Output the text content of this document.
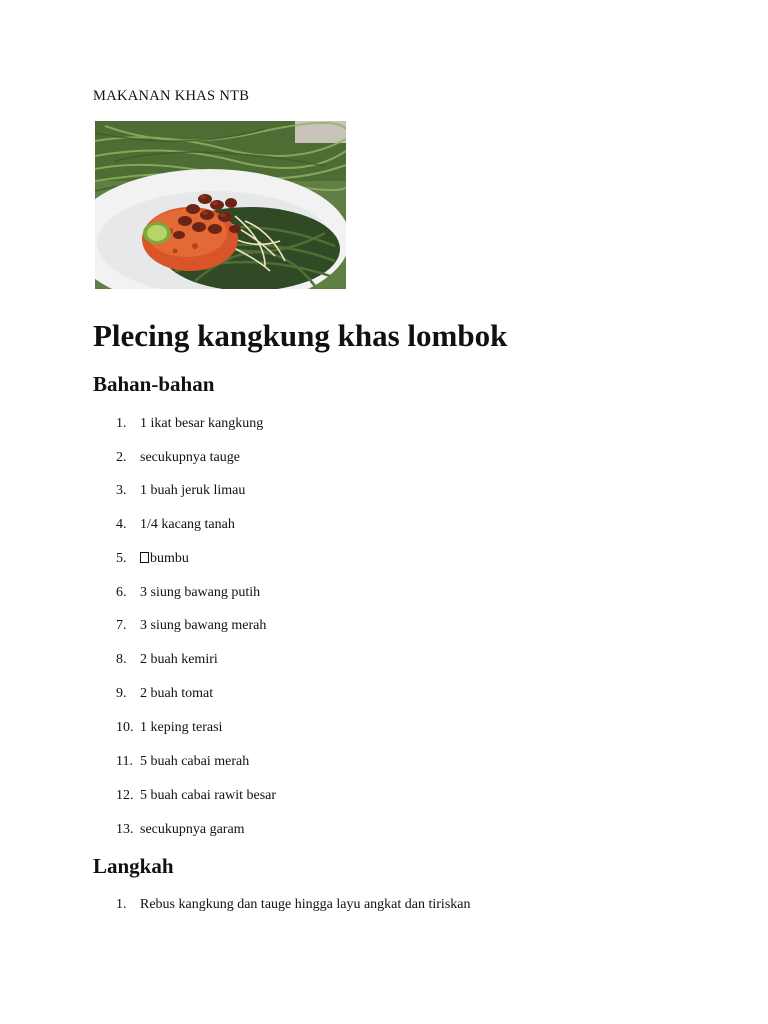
MAKANAN KHAS NTB
Plecing kangkung khas lombok
Bahan-bahan
1. 1 ikat besar kangkung
2. secukupnya tauge
3. 1 buah jeruk limau
4. 1/4 kacang tanah
5.	bumbu
6. 3 siung bawang putih
7. 3 siung bawang merah
8. 2 buah kemiri
9. 2 buah tomat
10. 1 keping terasi
11. 5 buah cabai merah
12. 5 buah cabai rawit besar
13. secukupnya garam
Langkah
1. Rebus kangkung dan tauge hingga layu angkat dan tiriskan
